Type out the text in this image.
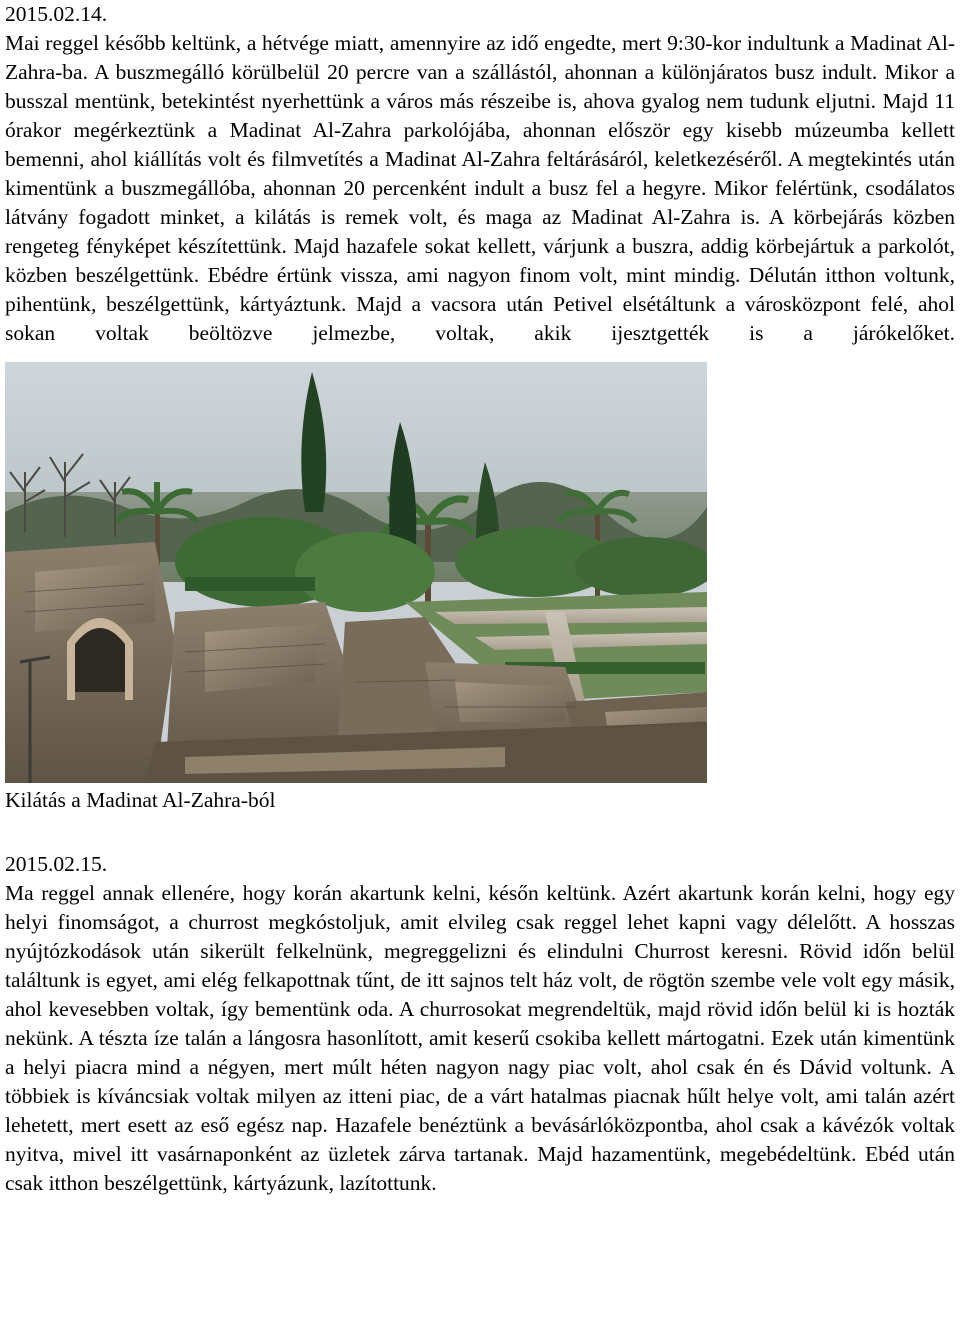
2015.02.14.

Mai reggel később keltünk, a hétvége miatt, amennyire az idő engedte, mert 9:30-kor indultunk a Madinat Al-Zahra-ba. A buszmegálló körülbelül 20 percre van a szállástól, ahonnan a különjáratos busz indult. Mikor a busszal mentünk, betekintést nyerhettünk a város más részeibe is, ahova gyalog nem tudunk eljutni. Majd 11 órakor megérkeztünk a Madinat Al-Zahra parkolójába, ahonnan először egy kisebb múzeumba kellett bemenni, ahol kiállítás volt és filmvetítés a Madinat Al-Zahra feltárásáról, keletkezéséről. A megtekintés után kimentünk a buszmegállóba, ahonnan 20 percenként indult a busz fel a hegyre. Mikor felértünk, csodálatos látvány fogadott minket, a kilátás is remek volt, és maga az Madinat Al-Zahra is. A körbejárás közben rengeteg fényképet készítettünk. Majd hazafele sokat kellett, várjunk a buszra, addig körbejártuk a parkolót, közben beszélgettünk. Ebédre értünk vissza, ami nagyon finom volt, mint mindig. Délután itthon voltunk, pihentünk, beszélgettünk, kártyáztunk. Majd a vacsora után Petivel elsétáltunk a városközpont felé, ahol sokan voltak beöltözve jelmezbe, voltak, akik ijesztgették is a járókelőket.

Kilátás a Madinat Al-Zahra-ból
2015.02.15.

Ma reggel annak ellenére, hogy korán akartunk kelni, későn keltünk. Azért akartunk korán kelni, hogy egy helyi finomságot, a churrost megkóstoljuk, amit elvileg csak reggel lehet kapni vagy délelőtt. A hosszas nyújtózkodások után sikerült felkelnünk, megreggelizni és elindulni Churrost keresni. Rövid időn belül találtunk is egyet, ami elég felkapottnak tűnt, de itt sajnos telt ház volt, de rögtön szembe vele volt egy másik, ahol kevesebben voltak, így bementünk oda. A churrosokat megrendeltük, majd rövid időn belül ki is hozták nekünk. A tészta íze talán a lángosra hasonlított, amit keserű csokiba kellett mártogatni. Ezek után kimentünk a helyi piacra mind a négyen, mert múlt héten nagyon nagy piac volt, ahol csak én és Dávid voltunk. A többiek is kíváncsiak voltak milyen az itteni piac, de a várt hatalmas piacnak hűlt helye volt, ami talán azért lehetett, mert esett az eső egész nap. Hazafele benéztünk a bevásárlóközpontba, ahol csak a kávézók voltak nyitva, mivel itt vasárnaponként az üzletek zárva tartanak. Majd hazamentünk, megebédeltünk. Ebéd után csak itthon beszélgettünk, kártyázunk, lazítottunk.
